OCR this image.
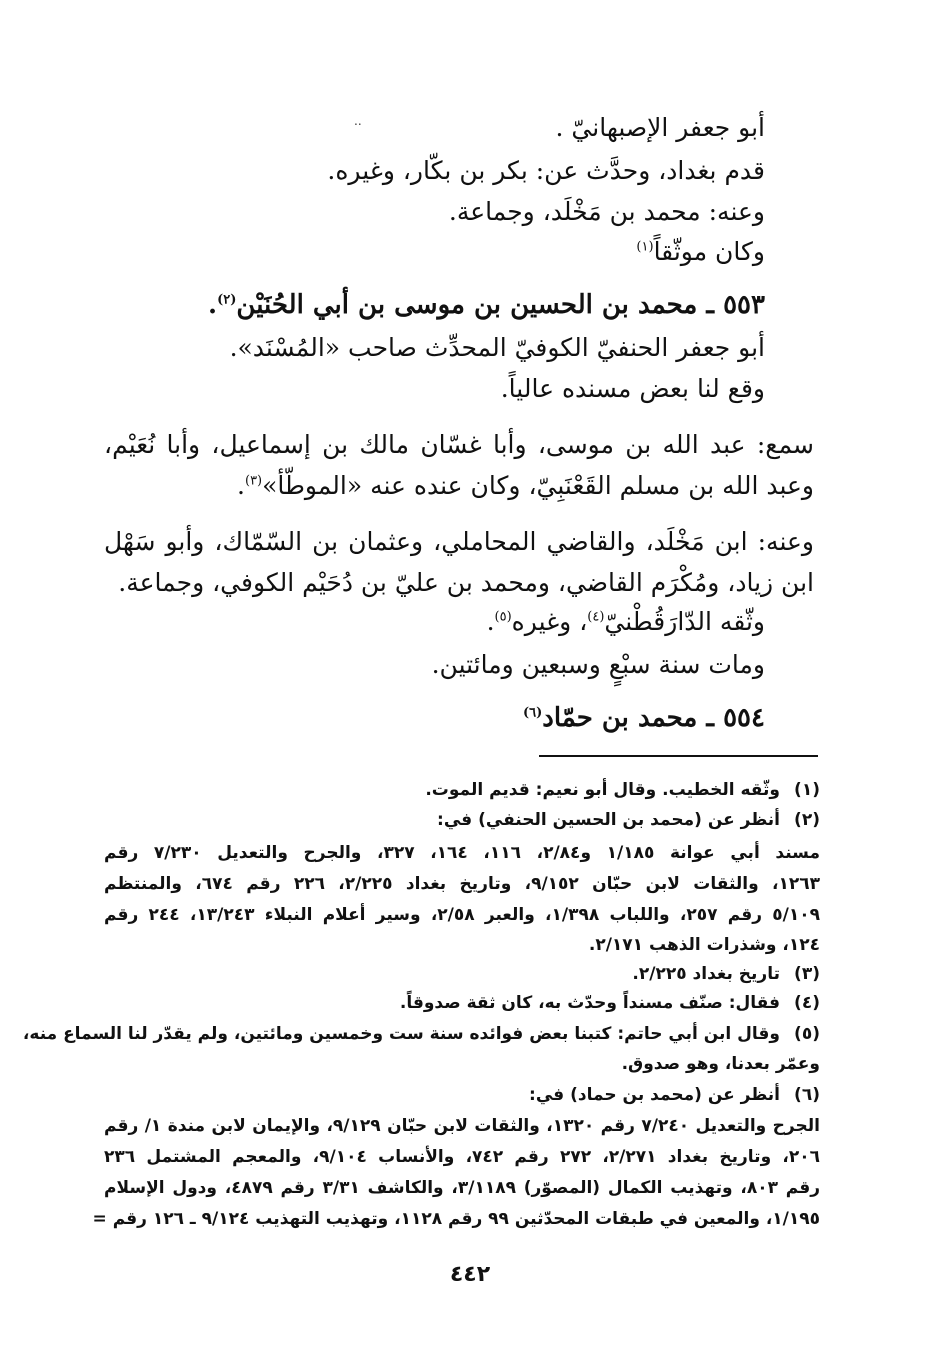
..	أبو جعفر الإصبهانيّ .
قدم بغداد، وحدَّث عن: بكر بن بكّار، وغيره.
وعنه: محمد بن مَخْلَد، وجماعة.
وكان موثّقاً$^{(١)}$
٥٥٣ ـ محمد بن الحسين بن موسى بن أبي الحُنَيْن$^{(٢)}$.
أبو جعفر الحنفيّ الكوفيّ المحدِّث صاحب «المُسْنَد».
وقع لنا بعض مسنده عالياً.
سمع: عبد الله بن موسى، وأبا غسّان مالك بن إسماعيل، وأبا نُعَيْم،
وعبد الله بن مسلم القَعْنَبِيّ، وكان عنده عنه «الموطّأ»$^{(٣)}$.
وعنه: ابن مَخْلَد، والقاضي المحاملي، وعثمان بن السّمّاك، وأبو سَهْل
ابن زياد، ومُكْرَم القاضي، ومحمد بن عليّ بن دُحَيْم الكوفي، وجماعة.
وثّقه الدّارَقُطْنيّ$^{(٤)}$، وغيره$^{(٥)}$.
ومات سنة سبْعٍ وسبعين ومائتين.
٥٥٤ ـ محمد بن حمّاد$^{(٦)}$
(١)
وثّقه الخطيب. وقال أبو نعيم: قديم الموت.
(٢)
أنظر عن (محمد بن الحسين الحنفي) في:
مسند أبي عوانة ١/١٨٥ و٢/٨٤، ١١٦، ١٦٤، ٣٢٧، والجرح والتعديل ٧/٢٣٠ رقم
١٢٦٣، والثقات لابن حبّان ٩/١٥٢، وتاريخ بغداد ٢/٢٢٥، ٢٢٦ رقم ٦٧٤، والمنتظم
٥/١٠٩ رقم ٢٥٧، واللباب ١/٣٩٨، والعبر ٢/٥٨، وسير أعلام النبلاء ١٣/٢٤٣، ٢٤٤ رقم
١٢٤، وشذرات الذهب ٢/١٧١.
(٣)
تاريخ بغداد ٢/٢٢٥.
(٤)
فقال: صنّف مسنداً وحدّث به، كان ثقة صدوقاً.
(٥)
وقال ابن أبي حاتم: كتبنا بعض فوائده سنة ست وخمسين ومائتين، ولم يقدّر لنا السماع منه،
وعمّر بعدنا، وهو صدوق.
(٦)
أنظر عن (محمد بن حماد) في:
الجرح والتعديل ٧/٢٤٠ رقم ١٣٢٠، والثقات لابن حبّان ٩/١٢٩، والإيمان لابن مندة ١/ رقم
٢٠٦، وتاريخ بغداد ٢/٢٧١، ٢٧٢ رقم ٧٤٢، والأنساب ٩/١٠٤، والمعجم المشتمل ٢٣٦
رقم ٨٠٣، وتهذيب الكمال (المصوّر) ٣/١١٨٩، والكاشف ٣/٣١ رقم ٤٨٧٩، ودول الإسلام
١/١٩٥، والمعين في طبقات المحدّثين ٩٩ رقم ١١٢٨، وتهذيب التهذيب ٩/١٢٤ ـ ١٢٦ رقم =
٤٤٢
